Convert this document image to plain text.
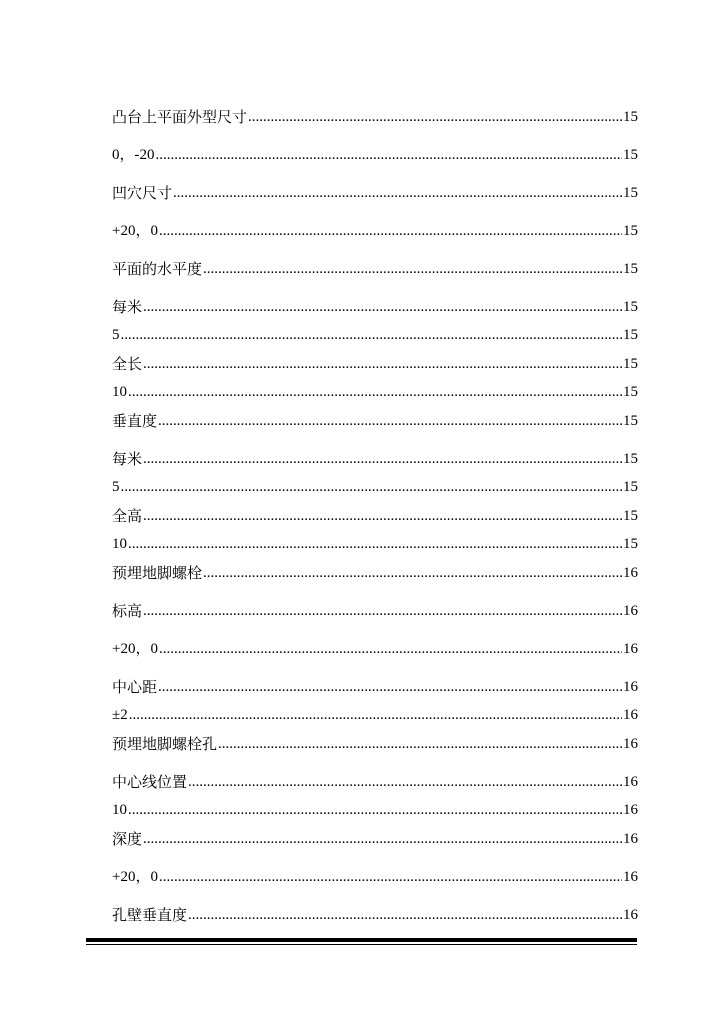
凸台上平面外型尺寸 .....	15
0，-20 .....	15
凹穴尺寸 .....	15
+20，0 .....	15
平面的水平度 .....	15
每米 .....	15
5 .....	15
全长 .....	15
10 .....	15
垂直度 .....	15
每米 .....	15
5 .....	15
全高 .....	15
10 .....	15
预埋地脚螺栓 .....	16
标高 .....	16
+20，0 .....	16
中心距 .....	16
±2 .....	16
预埋地脚螺栓孔 .....	16
中心线位置 .....	16
10 .....	16
深度 .....	16
+20，0 .....	16
孔壁垂直度 .....	16
